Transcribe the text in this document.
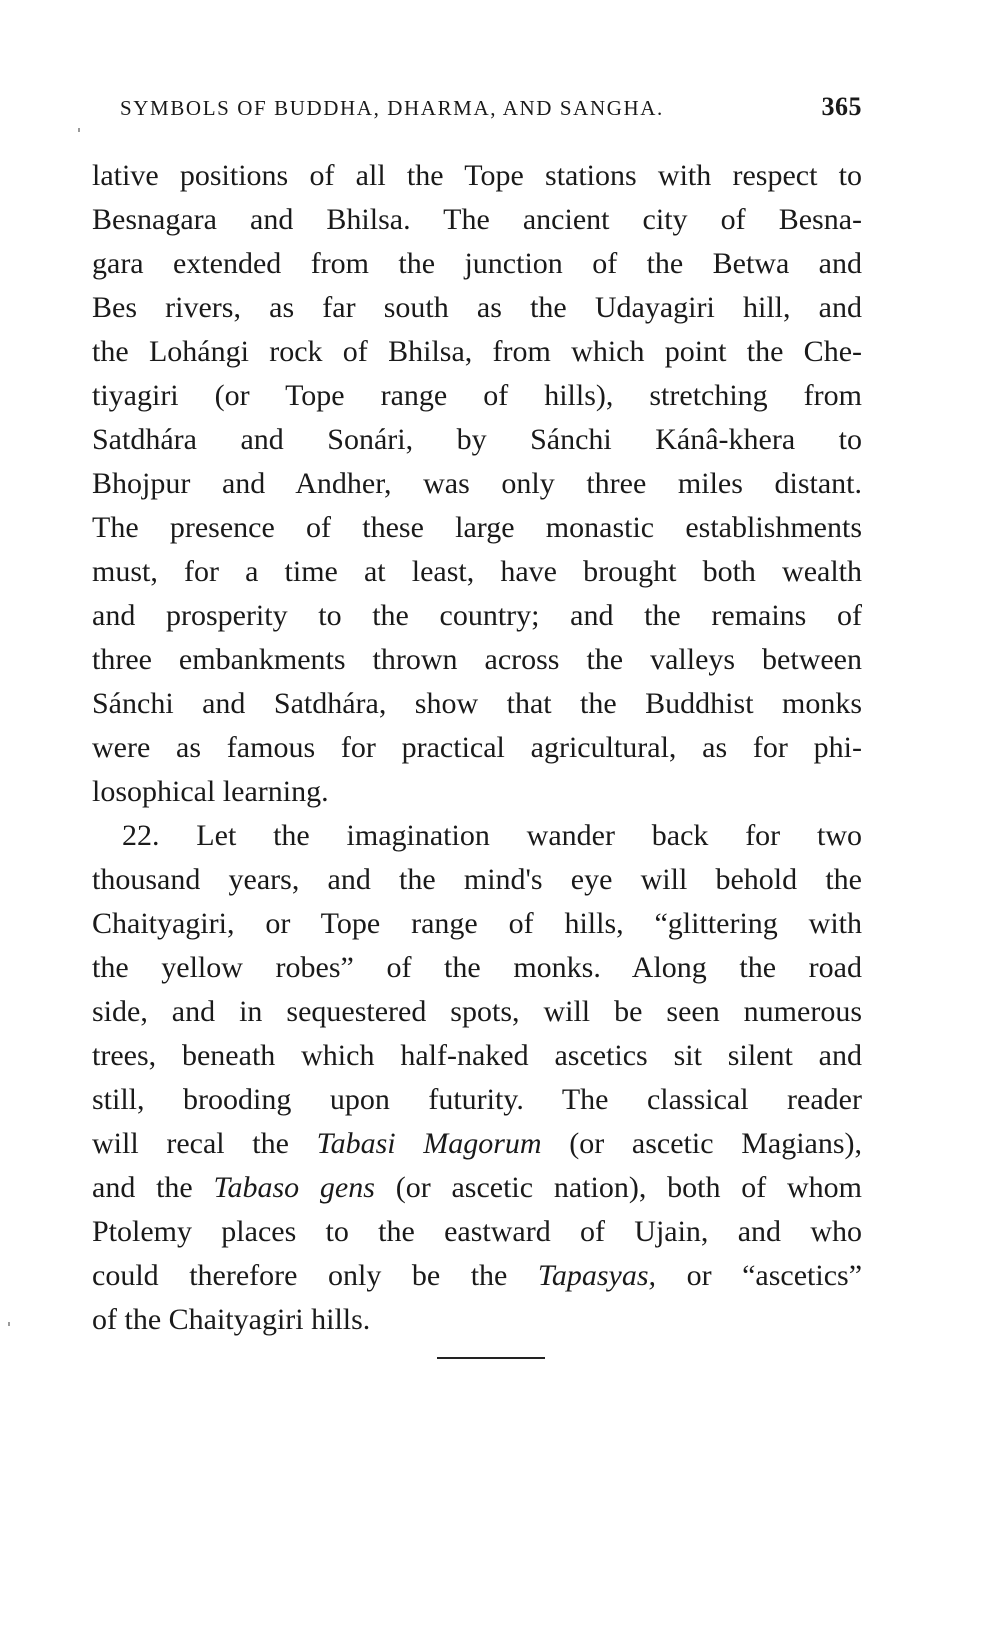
SYMBOLS OF BUDDHA, DHARMA, AND SANGHA.	365
lative positions of all the Tope stations with respect to
Besnagara and Bhilsa. The ancient city of Besna-
gara extended from the junction of the Betwa and
Bes rivers, as far south as the Udayagiri hill, and
the Lohángi rock of Bhilsa, from which point the Che-
tiyagiri (or Tope range of hills), stretching from
Satdhára and Sonári, by Sánchi Kánâ-khera to
Bhojpur and Andher, was only three miles distant.
The presence of these large monastic establishments
must, for a time at least, have brought both wealth
and prosperity to the country; and the remains of
three embankments thrown across the valleys between
Sánchi and Satdhára, show that the Buddhist monks
were as famous for practical agricultural, as for phi-
losophical learning.
22. Let the imagination wander back for two
thousand years, and the mind's eye will behold the
Chaityagiri, or Tope range of hills, “glittering with
the yellow robes” of the monks. Along the road
side, and in sequestered spots, will be seen numerous
trees, beneath which half-naked ascetics sit silent and
still, brooding upon futurity. The classical reader
will recal the Tabasi Magorum (or ascetic Magians),
and the Tabaso gens (or ascetic nation), both of whom
Ptolemy places to the eastward of Ujain, and who
could therefore only be the Tapasyas, or “ascetics”
of the Chaityagiri hills.
